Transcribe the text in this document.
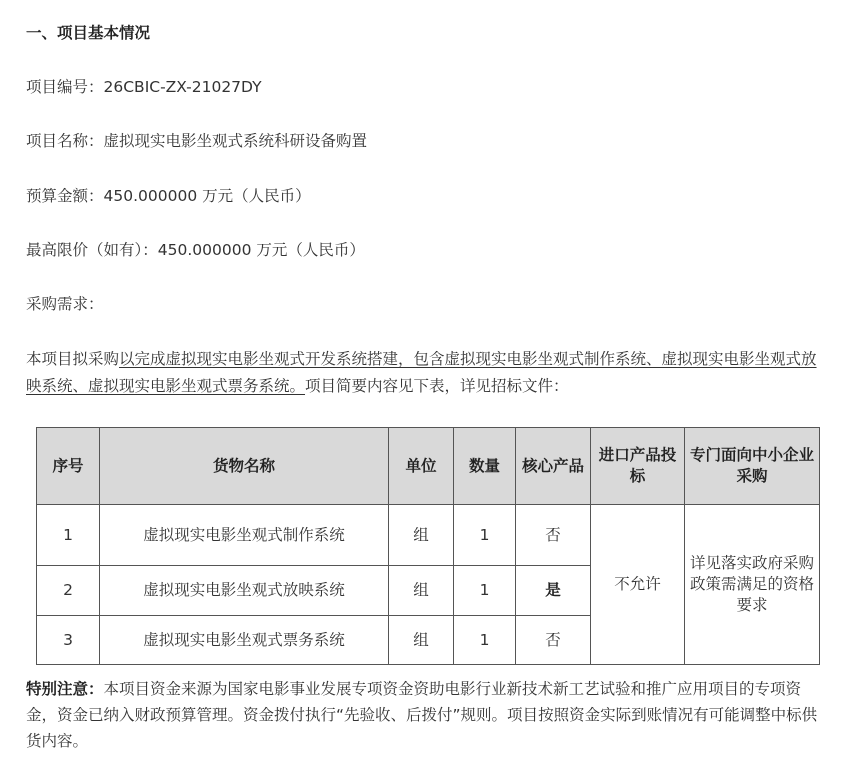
一、项目基本情况
项目编号：26CBIC-ZX-21027DY
项目名称：虚拟现实电影坐观式系统科研设备购置
预算金额：450.000000 万元（人民币）
最高限价（如有）：450.000000 万元（人民币）
采购需求：
本项目拟采购以完成虚拟现实电影坐观式开发系统搭建，包含虚拟现实电影坐观式制作系统、虚拟现实电影坐观式放映系统、虚拟现实电影坐观式票务系统。项目简要内容见下表，详见招标文件：
序号	货物名称	单位	数量	核心产品	进口产品投标	专门面向中小企业采购
1	虚拟现实电影坐观式制作系统	组	1	否	不允许	详见落实政府采购政策需满足的资格要求
2	虚拟现实电影坐观式放映系统	组	1	是		
3	虚拟现实电影坐观式票务系统	组	1	否		
特别注意：本项目资金来源为国家电影事业发展专项资金资助电影行业新技术新工艺试验和推广应用项目的专项资金，资金已纳入财政预算管理。资金拨付执行“先验收、后拨付”规则。项目按照资金实际到账情况有可能调整中标供货内容。
